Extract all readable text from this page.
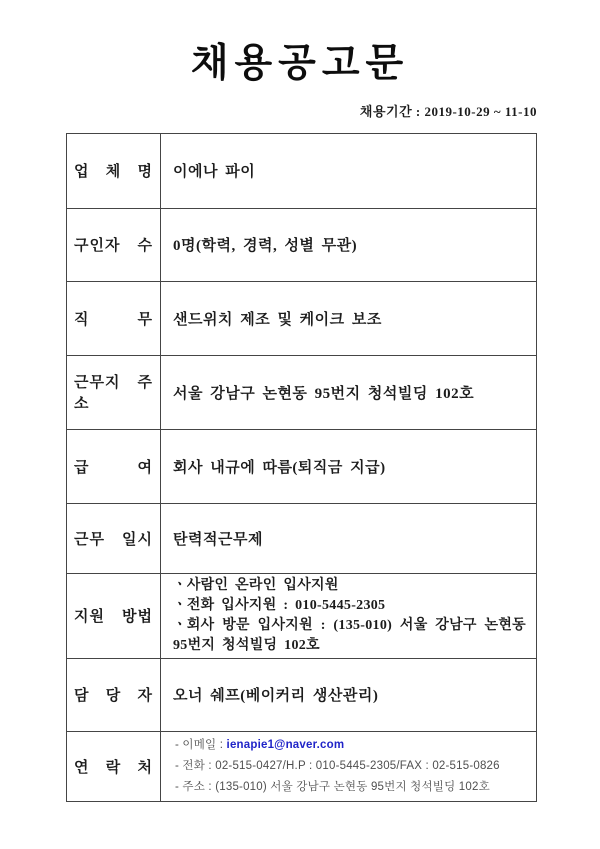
채용공고문
채용기간 : 2019-10-29 ~ 11-10
업 체 명 이에나 파이
구인자 수 0명(학력, 경력, 성별 무관)
직 무 샌드위치 제조 및 케이크 보조
근무지 주소
서울 강남구 논현동 95번지 청석빌딩 102호
급 여 회사 내규에 따름(퇴직금 지급)
근무 일시 탄력적근무제
지원 방법
ㆍ사람인 온라인 입사지원
ㆍ전화 입사지원 : 010-5445-2305
ㆍ회사 방문 입사지원 : (135-010) 서울 강남구 논현동 95번지 청석빌딩 102호
담 당 자 오너 쉐프(베이커리 생산관리)
연 락 처
- 이메일 : ienapie1@naver.com
- 전화 : 02-515-0427/H.P : 010-5445-2305/FAX : 02-515-0826
- 주소 : (135-010) 서울 강남구 논현동 95번지 청석빌딩 102호
